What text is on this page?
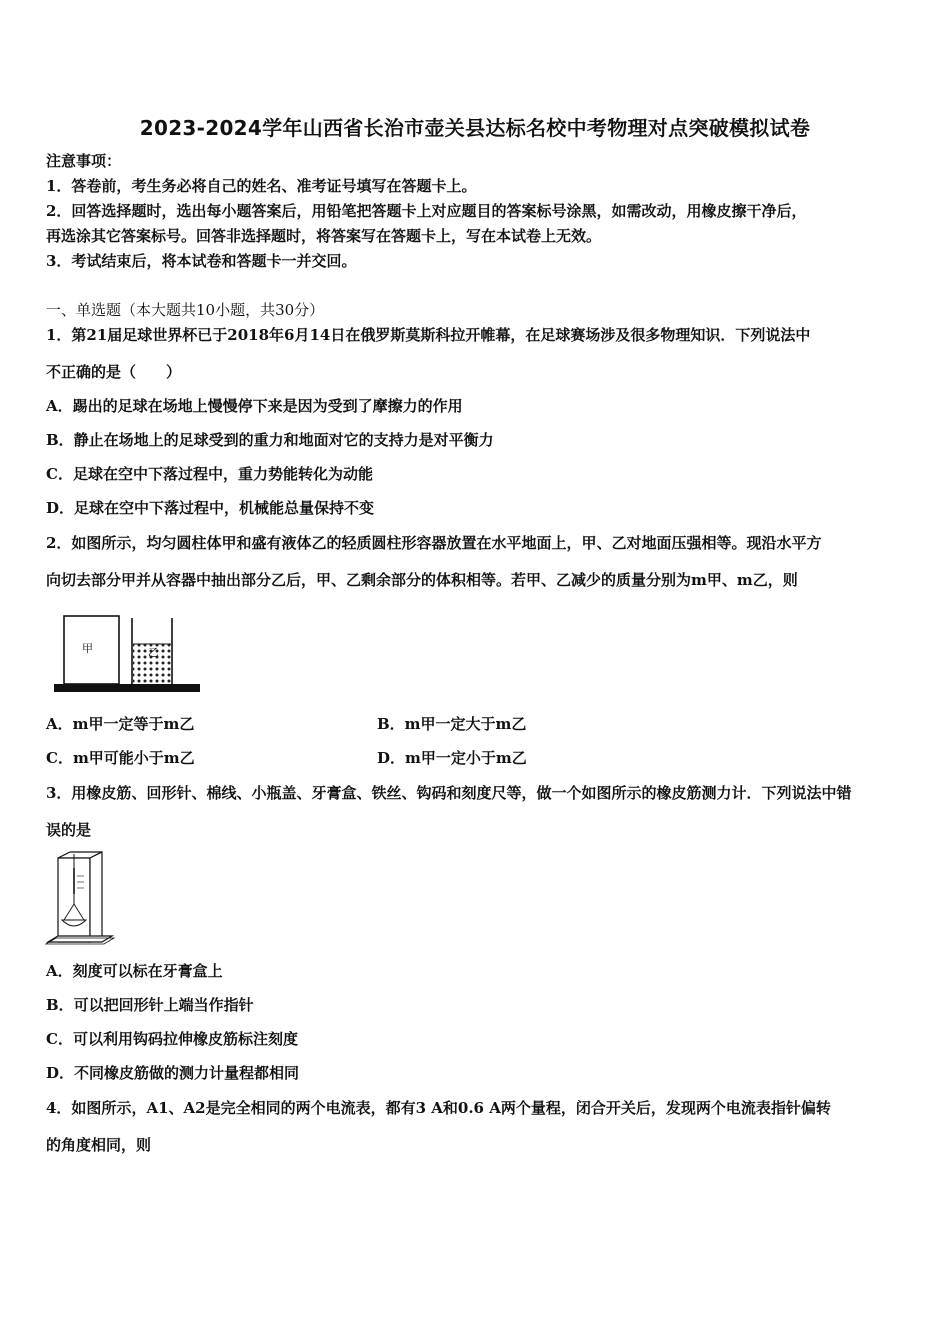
2023-2024学年山西省长治市壶关县达标名校中考物理对点突破模拟试卷
注意事项：
1．答卷前，考生务必将自己的姓名、准考证号填写在答题卡上。
2．回答选择题时，选出每小题答案后，用铅笔把答题卡上对应题目的答案标号涂黑，如需改动，用橡皮擦干净后，
再选涂其它答案标号。回答非选择题时，将答案写在答题卡上，写在本试卷上无效。
3．考试结束后，将本试卷和答题卡一并交回。
一、单选题（本大题共10小题，共30分）
1．第21届足球世界杯已于2018年6月14日在俄罗斯莫斯科拉开帷幕，在足球赛场涉及很多物理知识．下列说法中
不正确的是（　　）
A．踢出的足球在场地上慢慢停下来是因为受到了摩擦力的作用
B．静止在场地上的足球受到的重力和地面对它的支持力是对平衡力
C．足球在空中下落过程中，重力势能转化为动能
D．足球在空中下落过程中，机械能总量保持不变
2．如图所示，均匀圆柱体甲和盛有液体乙的轻质圆柱形容器放置在水平地面上，甲、乙对地面压强相等。现沿水平方
向切去部分甲并从容器中抽出部分乙后，甲、乙剩余部分的体积相等。若甲、乙减少的质量分别为m甲、m乙，则
甲	乙
A．m甲一定等于m乙	B．m甲一定大于m乙
C．m甲可能小于m乙	D．m甲一定小于m乙
3．用橡皮筋、回形针、棉线、小瓶盖、牙膏盒、铁丝、钩码和刻度尺等，做一个如图所示的橡皮筋测力计．下列说法中错
误的是
A．刻度可以标在牙膏盒上
B．可以把回形针上端当作指针
C．可以利用钩码拉伸橡皮筋标注刻度
D．不同橡皮筋做的测力计量程都相同
4．如图所示，A1、A2是完全相同的两个电流表，都有3 A和0.6 A两个量程，闭合开关后，发现两个电流表指针偏转
的角度相同，则
